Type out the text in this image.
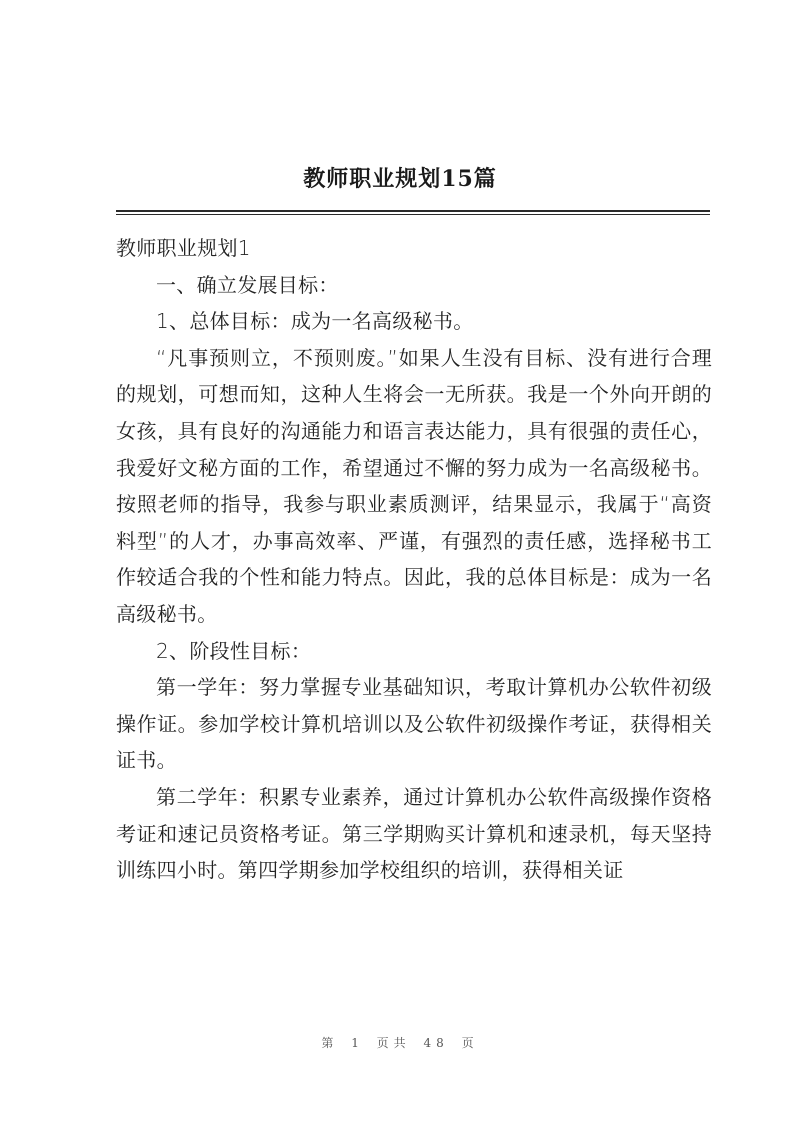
教师职业规划15篇

教师职业规划1

一、确立发展目标：

1、总体目标：成为一名高级秘书。

“凡事预则立，不预则废。”如果人生没有目标、没有进行合理的规划，可想而知，这种人生将会一无所获。我是一个外向开朗的女孩，具有良好的沟通能力和语言表达能力，具有很强的责任心，我爱好文秘方面的工作，希望通过不懈的努力成为一名高级秘书。按照老师的指导，我参与职业素质测评，结果显示，我属于“高资料型”的人才，办事高效率、严谨，有强烈的责任感，选择秘书工作较适合我的个性和能力特点。因此，我的总体目标是：成为一名高级秘书。

2、阶段性目标：

第一学年：努力掌握专业基础知识，考取计算机办公软件初级操作证。参加学校计算机培训以及公软件初级操作考证，获得相关证书。

第二学年：积累专业素养，通过计算机办公软件高级操作资格考证和速记员资格考证。第三学期购买计算机和速录机，每天坚持训练四小时。第四学期参加学校组织的培训，获得相关证

第 1 页共 48 页
